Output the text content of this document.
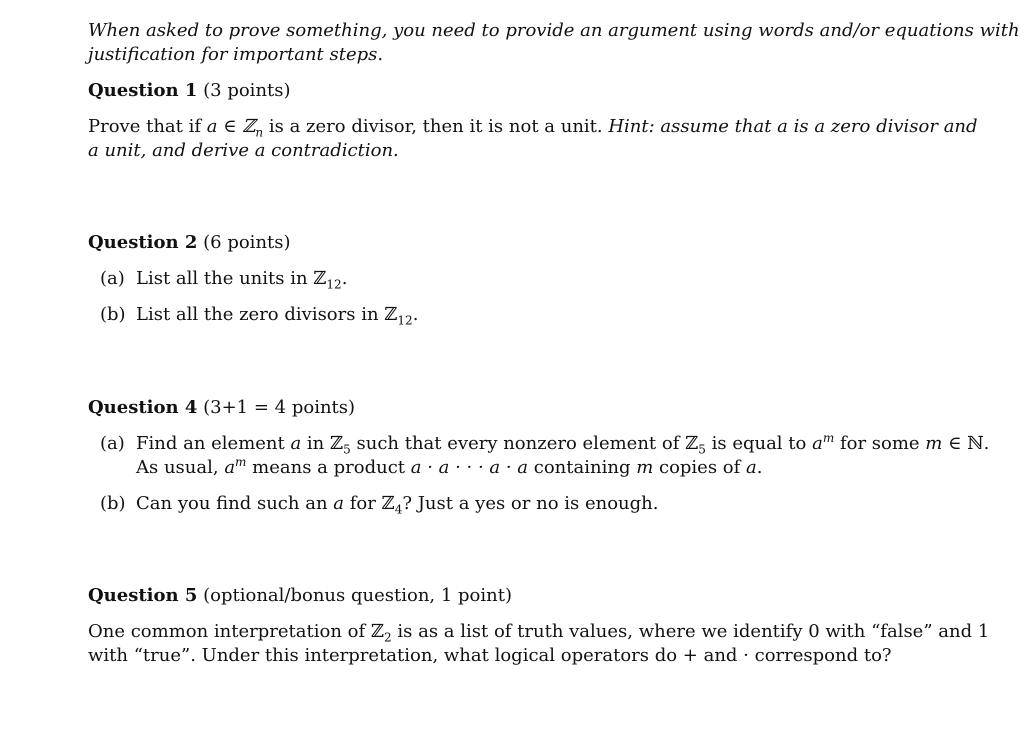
When asked to prove something, you need to provide an argument using words and/or equations with
justification for important steps.
Question 1 (3 points)
Prove that if a ∈ ℤ$_n$ is a zero divisor, then it is not a unit. Hint: assume that a is a zero divisor and
a unit, and derive a contradiction.
Question 2 (6 points)
(a) List all the units in ℤ$_{12}$.
(b) List all the zero divisors in ℤ$_{12}$.
Question 4 (3+1 = 4 points)
(a) Find an element a in ℤ$_5$ such that every nonzero element of ℤ$_5$ is equal to $a^m$ for some m ∈ ℕ.
As usual, $a^m$ means a product a · a · · · a · a containing m copies of a.
(b) Can you find such an a for ℤ$_4$? Just a yes or no is enough.
Question 5 (optional/bonus question, 1 point)
One common interpretation of ℤ$_2$ is as a list of truth values, where we identify 0 with “false” and 1
with “true”. Under this interpretation, what logical operators do + and · correspond to?
